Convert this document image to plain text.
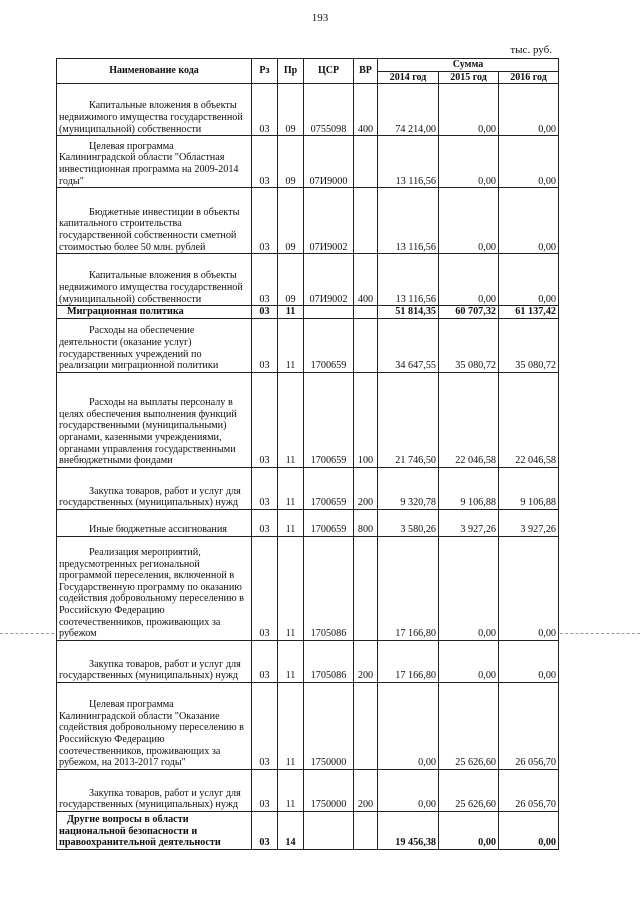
193
тыс. руб.
Наименование кода	Рз	Пр	ЦСР	ВР	Сумма		
					2014 год	2015 год	2016 год
Капитальные вложения в объекты недвижимого имущества государственной (муниципальной) собственности	03	09	0755098	400	74 214,00	0,00	0,00
Целевая программа Калининградской области "Областная инвестиционная программа на 2009-2014 годы"	03	09	07И9000		13 116,56	0,00	0,00
Бюджетные инвестиции в объекты капитального строительства государственной собственности сметной стоимостью более 50 млн. рублей	03	09	07И9002		13 116,56	0,00	0,00
Капитальные вложения в объекты недвижимого имущества государственной (муниципальной) собственности	03	09	07И9002	400	13 116,56	0,00	0,00
Миграционная политика	03	11			51 814,35	60 707,32	61 137,42
Расходы на обеспечение деятельности (оказание услуг) государственных учреждений по реализации миграционной политики	03	11	1700659		34 647,55	35 080,72	35 080,72
Расходы на выплаты персоналу в целях обеспечения выполнения функций государственными (муниципальными) органами, казенными учреждениями, органами управления государственными внебюджетными фондами	03	11	1700659	100	21 746,50	22 046,58	22 046,58
Закупка товаров, работ и услуг для государственных (муниципальных) нужд	03	11	1700659	200	9 320,78	9 106,88	9 106,88
Иные бюджетные ассигнования	03	11	1700659	800	3 580,26	3 927,26	3 927,26
Реализация мероприятий, предусмотренных региональной программой переселения, включенной в Государственную программу по оказанию содействия добровольному переселению в Российскую Федерацию соотечественников, проживающих за рубежом	03	11	1705086		17 166,80	0,00	0,00
Закупка товаров, работ и услуг для государственных (муниципальных) нужд	03	11	1705086	200	17 166,80	0,00	0,00
Целевая программа Калининградской области "Оказание содействия добровольному переселению в Российскую Федерацию соотечественников, проживающих за рубежом, на 2013-2017 годы"	03	11	1750000		0,00	25 626,60	26 056,70
Закупка товаров, работ и услуг для государственных (муниципальных) нужд	03	11	1750000	200	0,00	25 626,60	26 056,70
Другие вопросы в области национальной безопасности и правоохранительной деятельности	03	14			19 456,38	0,00	0,00
